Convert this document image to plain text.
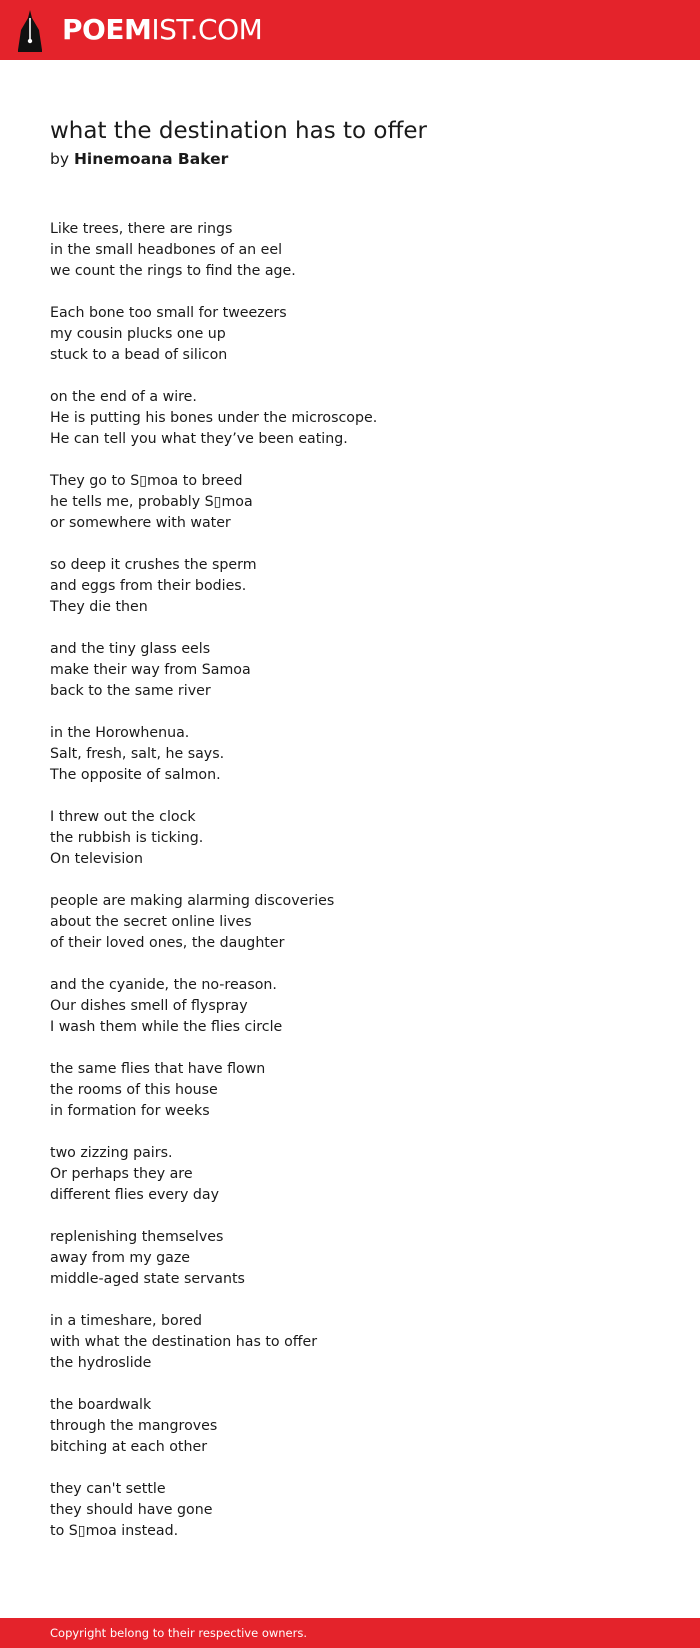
POEMIST.COM
what the destination has to offer
by Hinemoana Baker
Like trees, there are rings
in the small headbones of an eel
we count the rings to find the age.
Each bone too small for tweezers
my cousin plucks one up
stuck to a bead of silicon
on the end of a wire.
He is putting his bones under the microscope.
He can tell you what they’ve been eating.
They go to S▯moa to breed
he tells me, probably S▯moa
or somewhere with water
so deep it crushes the sperm
and eggs from their bodies.
They die then
and the tiny glass eels
make their way from Samoa
back to the same river
in the Horowhenua.
Salt, fresh, salt, he says.
The opposite of salmon.
I threw out the clock
the rubbish is ticking.
On television
people are making alarming discoveries
about the secret online lives
of their loved ones, the daughter
and the cyanide, the no-reason.
Our dishes smell of flyspray
I wash them while the flies circle
the same flies that have flown
the rooms of this house
in formation for weeks
two zizzing pairs.
Or perhaps they are
different flies every day
replenishing themselves
away from my gaze
middle-aged state servants
in a timeshare, bored
with what the destination has to offer
the hydroslide
the boardwalk
through the mangroves
bitching at each other
they can't settle
they should have gone
to S▯moa instead.
Copyright belong to their respective owners.
